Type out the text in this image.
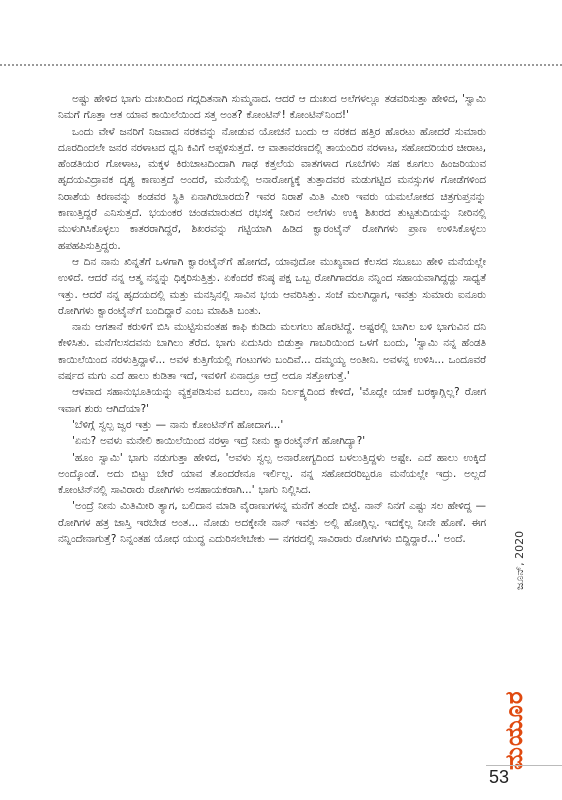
ಅಷ್ಟು ಹೇಳಿದ ಭಾಗು ದುಃಖದಿಂದ ಗದ್ಗದಿತನಾಗಿ ಸುಮ್ಮನಾದ. ಆದರೆ ಆ ದುಃಖದ ಅಲೆಗಳಲ್ಲೂ ತಡವರಿಸುತ್ತಾ ಹೇಳಿದ, 'ಸ್ವಾಮಿ ನಿಮಗೆ ಗೊತ್ತಾ ಆತ ಯಾವ ಕಾಯಿಲೆಯಿಂದ ಸತ್ತ ಅಂತ? ಕೋಂಟಿನ್! ಕೋಂಟಿನ್‌ನಿಂದ!'

ಒಂದು ವೇಳೆ ಜನರಿಗೆ ನಿಜವಾದ ನರಕವನ್ನು ನೋಡುವ ಯೋಚನೆ ಬಂದು ಆ ನರಕದ ಹತ್ತಿರ ಹೊರಟು ಹೋದರೆ ಸುಮಾರು ದೂರದಿಂದಲೇ ಜನರ ನರಳಾಟದ ಧ್ವನಿ ಕಿವಿಗೆ ಅಪ್ಪಳಿಸುತ್ತದೆ. ಆ ವಾತಾವರಣದಲ್ಲಿ ತಾಯಂದಿರ ನರಳಾಟ, ಸಹೋದರಿಯರ ಚೀರಾಟ, ಹೆಂಡತಿಯರ ಗೋಳಾಟ, ಮಕ್ಕಳ ಕಿರುಚಾಟದಿಂದಾಗಿ ಗಾಢ ಕತ್ತಲೆಯ ವಾತಗಳಾದ ಗೂಬೆಗಳು ಸಹ ಕೂಗಲು ಹಿಂಜರಿಯುವ ಹೃದಯವಿದ್ರಾವಕ ದೃಶ್ಯ ಕಾಣುತ್ತದೆ ಅಂದರೆ, ಮನೆಯಲ್ಲಿ ಅನಾರೋಗ್ಯಕ್ಕೆ ತುತ್ತಾದವರ ಮಡುಗಟ್ಟಿದ ಮನಸ್ಸುಗಳ ಗೋಡೆಗಳಿಂದ ನಿರಾಶೆಯ ಕಿರಣವನ್ನು ಕಂಡವರ ಸ್ಥಿತಿ ಏನಾಗಿರಬಾರದು? ಇವರ ನಿರಾಶೆ ಮಿತಿ ಮೀರಿ ಇವರು ಯಮಲೋಕದ ಚಿತ್ರಗುಪ್ತನನ್ನು ಕಾಣುತ್ತಿದ್ದರೆ ಎನಿಸುತ್ತದೆ. ಭಯಂಕರ ಚಂಡಮಾರುತದ ರಭಸಕ್ಕೆ ನೀರಿನ ಅಲೆಗಳು ಉಕ್ಕಿ ಶಿಖರದ ತುಟ್ಟತುದಿಯನ್ನು ನೀರಿನಲ್ಲಿ ಮುಳುಗಿಸಿಕೊಳ್ಳಲು ಕಾತರರಾಗಿದ್ದರೆ, ಶಿಖರವನ್ನು ಗಟ್ಟಿಯಾಗಿ ಹಿಡಿದ ಕ್ವಾರಂಟೈನ್ ರೋಗಿಗಳು ಪ್ರಾಣ ಉಳಿಸಿಕೊಳ್ಳಲು ಹಪಹಪಿಸುತ್ತಿದ್ದರು.

ಆ ದಿನ ನಾನು ಖಿನ್ನತೆಗೆ ಒಳಗಾಗಿ ಕ್ವಾರಂಟೈನ್‌ಗೆ ಹೋಗದೆ, ಯಾವುದೋ ಮುಖ್ಯವಾದ ಕೆಲಸದ ಸಬೂಬು ಹೇಳಿ ಮನೆಯಲ್ಲೇ ಉಳಿದೆ. ಆದರೆ ನನ್ನ ಆತ್ಮ ನನ್ನನ್ನು ಧಿಕ್ಕರಿಸುತ್ತಿತ್ತು. ಏಕೆಂದರೆ ಕನಿಷ್ಠ ಪಕ್ಷ ಒಬ್ಬ ರೋಗಿಗಾದರೂ ನನ್ನಿಂದ ಸಹಾಯವಾಗಿದ್ದದ್ದು ಸಾಧ್ಯತೆ ಇತ್ತು. ಆದರೆ ನನ್ನ ಹೃದಯದಲ್ಲಿ ಮತ್ತು ಮನಸ್ಸಿನಲ್ಲಿ ಸಾವಿನ ಭಯ ಆವರಿಸಿತ್ತು. ಸಂಜೆ ಮಲಗಿದ್ದಾಗ, ಇವತ್ತು ಸುಮಾರು ಐನೂರು ರೋಗಿಗಳು ಕ್ವಾರಂಟೈನ್‌ಗೆ ಬಂದಿದ್ದಾರೆ ಎಂಬ ಮಾಹಿತಿ ಬಂತು.

ನಾನು ಆಗತಾನೆ ಕರುಳಿಗೆ ಬಿಸಿ ಮುಟ್ಟಿಸುವಂತಹ ಕಾಫಿ ಕುಡಿದು ಮಲಗಲು ಹೊರಟಿದ್ದೆ. ಅಷ್ಟರಲ್ಲಿ ಬಾಗಿಲ ಬಳಿ ಭಾಗುವಿನ ದನಿ ಕೇಳಿಸಿತು. ಮನೆಗೆಲಸದವನು ಬಾಗಿಲು ತೆರೆದ. ಭಾಗು ಏದುಸಿರು ಬಿಡುತ್ತಾ ಗಾಬರಿಯಿಂದ ಒಳಗೆ ಬಂದು, 'ಸ್ವಾಮಿ ನನ್ನ ಹೆಂಡತಿ ಕಾಯಿಲೆಯಿಂದ ನರಳುತ್ತಿದ್ದಾಳೆ... ಅವಳ ಕುತ್ತಿಗೆಯಲ್ಲಿ ಗಂಟುಗಳು ಬಂದಿವೆ... ದಮ್ಮಯ್ಯ ಅಂತೀನಿ. ಅವಳನ್ನ ಉಳಿಸಿ... ಒಂದೂವರೆ ವರ್ಷದ ಮಗು ಎದೆ ಹಾಲು ಕುಡಿತಾ ಇದೆ, ಇವಳಿಗೆ ಏನಾದ್ರೂ ಆದ್ರೆ ಅದೂ ಸತ್ತೋಗುತ್ತೆ.'

ಆಳವಾದ ಸಹಾನುಭೂತಿಯನ್ನು ವ್ಯಕ್ತಪಡಿಸುವ ಬದಲು, ನಾನು ನಿರ್ಲಕ್ಷ್ಯದಿಂದ ಕೇಳಿದೆ, 'ಮೊದ್ಲೇ ಯಾಕೆ ಬರಕ್ಕಾಗ್ಲಿಲ್ಲ? ರೋಗ ಇವಾಗ ಶುರು ಆಗಿದೆಯಾ?'

'ಬೆಳಿಗ್ಗೆ ಸ್ವಲ್ಪ ಜ್ವರ ಇತ್ತು — ನಾನು ಕೋಂಟಿನ್‌ಗೆ ಹೋದಾಗ...'

'ಏನು? ಅವಳು ಮನೇಲಿ ಕಾಯಿಲೆಯಿಂದ ನರಳ್ತಾ ಇದ್ರೆ ನೀನು ಕ್ವಾರಂಟೈನ್‌ಗೆ ಹೋಗಿದ್ಯಾ?'

'ಹೂಂ ಸ್ವಾಮಿ' ಭಾಗು ನಡುಗುತ್ತಾ ಹೇಳಿದ, 'ಅವಳು ಸ್ವಲ್ಪ ಅನಾರೋಗ್ಯದಿಂದ ಬಳಲುತ್ತಿದ್ದಳು ಅಷ್ಟೇ. ಎದೆ ಹಾಲು ಉಕ್ಕಿದೆ ಅಂದ್ಕೊಂಡೆ. ಅದು ಬಿಟ್ಟು ಬೇರೆ ಯಾವ ತೊಂದರೇನೂ ಇರ್ಲಿಲ್ಲ. ನನ್ನ ಸಹೋದರರಿಬ್ಬರೂ ಮನೆಯಲ್ಲೇ ಇದ್ರು. ಅಲ್ಲದೆ ಕೋಂಟಿನ್‌ನಲ್ಲಿ ಸಾವಿರಾರು ರೋಗಿಗಳು ಅಸಹಾಯಕರಾಗಿ...' ಭಾಗು ನಿಲ್ಲಿಸಿದ.

'ಅಂದ್ರೆ ನೀನು ಮಿತಿಮೀರಿ ತ್ಯಾಗ, ಬಲಿದಾನ ಮಾಡಿ ವೈರಾಣುಗಳನ್ನ ಮನೆಗೆ ತಂದೇ ಬಿಟ್ಟೆ. ನಾನ್ ನಿನಗೆ ಎಷ್ಟು ಸಲ ಹೇಳಿದ್ದ — ರೋಗಿಗಳ ಹತ್ರ ಜಾಸ್ತಿ ಇರಬೇಡ ಅಂತ... ನೋಡು ಅದಕ್ಕೇನೇ ನಾನ್ ಇವತ್ತು ಅಲ್ಲಿ ಹೋಗ್ಲಿಲ್ಲ. ಇದಕ್ಕೆಲ್ಲ ನೀನೇ ಹೊಣೆ. ಈಗ ನನ್ನಿಂದೇನಾಗುತ್ತೆ? ನಿನ್ನಂತಹ ಯೋಧ ಯುದ್ಧ ಎದುರಿಸಲೇಬೇಕು — ನಗರದಲ್ಲಿ ಸಾವಿರಾರು ರೋಗಿಗಳು ಬಿದ್ದಿದ್ದಾರೆ...' ಅಂದೆ.	ಜೂನ್, 2020
ಮಯೂರ
53
